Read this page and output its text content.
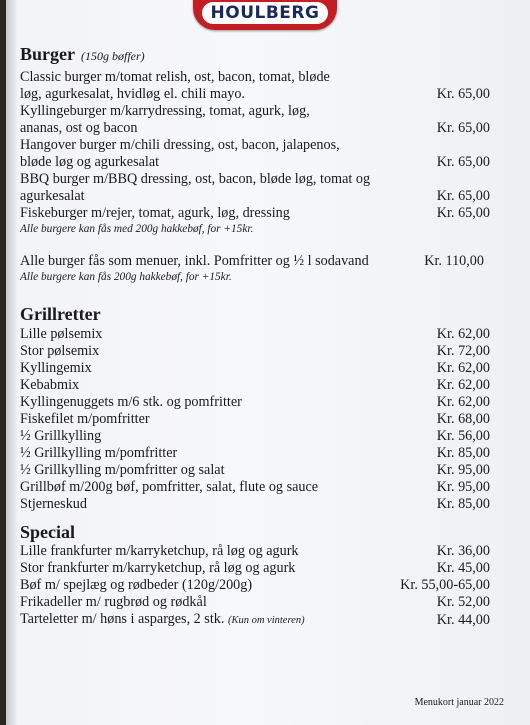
HOULBERG
Burger (150g bøffer)
Classic burger m/tomat relish, ost, bacon, tomat, bløde
løg, agurkesalat, hvidløg el. chili mayo.	Kr. 65,00
Kyllingeburger m/karrydressing, tomat, agurk, løg,
ananas, ost og bacon	Kr. 65,00
Hangover burger m/chili dressing, ost, bacon, jalapenos,
bløde løg og agurkesalat	Kr. 65,00
BBQ burger m/BBQ dressing, ost, bacon, bløde løg, tomat og
agurkesalat	Kr. 65,00
Fiskeburger m/rejer, tomat, agurk, løg, dressing	Kr. 65,00
Alle burgere kan fås med 200g hakkebøf, for +15kr.
Alle burger fås som menuer, inkl. Pomfritter og ½ l sodavand	Kr. 110,00
Alle burgere kan fås 200g hakkebøf, for +15kr.
Grillretter
Lille pølsemix	Kr. 62,00
Stor pølsemix	Kr. 72,00
Kyllingemix	Kr. 62,00
Kebabmix	Kr. 62,00
Kyllingenuggets m/6 stk. og pomfritter	Kr. 62,00
Fiskefilet m/pomfritter	Kr. 68,00
½ Grillkylling	Kr. 56,00
½ Grillkylling m/pomfritter	Kr. 85,00
½ Grillkylling m/pomfritter og salat	Kr. 95,00
Grillbøf m/200g bøf, pomfritter, salat, flute og sauce	Kr. 95,00
Stjerneskud	Kr. 85,00
Special
Lille frankfurter m/karryketchup, rå løg og agurk	Kr. 36,00
Stor frankfurter m/karryketchup, rå løg og agurk	Kr. 45,00
Bøf m/ spejlæg og rødbeder (120g/200g)	Kr. 55,00-65,00
Frikadeller m/ rugbrød og rødkål	Kr. 52,00
Tarteletter m/ høns i asparges, 2 stk. (Kun om vinteren)	Kr. 44,00
Menukort januar 2022
